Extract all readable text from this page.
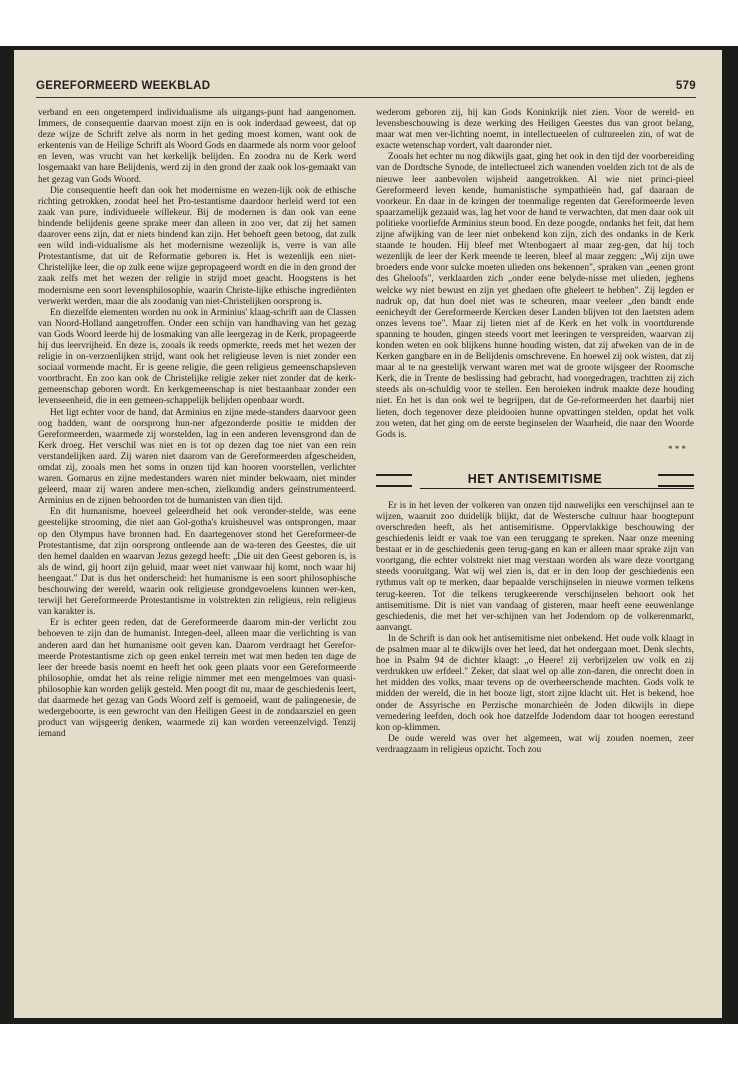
GEREFORMEERD WEEKBLAD	579

verband en een ongetemperd individualisme als uitgangs-punt had aangenomen. Immers, de consequentie daarvan moest zijn en is ook inderdaad geweest, dat op deze wijze de Schrift zelve als norm in het geding moest komen, want ook de erkentenis van de Heilige Schrift als Woord Gods en daarmede als norm voor geloof en leven, was vrucht van het kerkelijk belijden. En zoodra nu de Kerk werd losgemaakt van hare Belijdenis, werd zij in den grond der zaak ook los-gemaakt van het gezag van Gods Woord.

Die consequentie heeft dan ook het modernisme en wezen-lijk ook de ethische richting getrokken, zoodat heel het Pro-testantisme daardoor herleid werd tot een zaak van pure, individueele willekeur. Bij de modernen is dan ook van eene bindende belijdenis geene sprake meer dan alleen in zoo ver, dat zij het samen daarover eens zijn, dat er niets bindend kan zijn. Het behoeft geen betoog, dat zulk een wild indi-vidualisme als het modernisme wezenlijk is, verre is van alle Protestantisme, dat uit de Reformatie geboren is. Het is wezenlijk een niet-Christelijke leer, die op zulk eene wijze gepropageerd wordt en die in den grond der zaak zelfs met het wezen der religie in strijd moet geacht. Hoogstens is het modernisme een soort levensphilosophie, waarin Christe-lijke ethische ingrediënten verwerkt werden, maar die als zoodanig van niet-Christelijken oorsprong is.

En diezelfde elementen worden nu ook in Arminius' klaag-schrift aan de Classen van Noord-Holland aangetroffen. Onder een schijn van handhaving van het gezag van Gods Woord leerde hij de losmaking van alle leergezag in de Kerk, propageerde hij dus leervrijheid. En deze is, zooals ik reeds opmerkte, reeds met het wezen der religie in on-verzoenlijken strijd, want ook het religieuse leven is niet zonder een sociaal vormende macht. Er is geene religie, die geen religieus gemeenschapsleven voortbracht. En zoo kan ook de Christelijke religie zeker niet zonder dat de kerk-gemeenschap geboren wordt. En kerkgemeenschap is niet bestaanbaar zonder een levenseenheid, die in een gemeen-schappelijk belijden openbaar wordt.

Het ligt echter voor de hand, dat Arminius en zijne mede-standers daarvoor geen oog hadden, want de oorsprong hun-ner afgezonderde positie te midden der Gereformeerden, waarmede zij worstelden, lag in een anderen levensgrond dan de Kerk droeg. Het verschil was niet en is tot op dezen dag toe niet van een rein verstandelijken aard. Zij waren niet daarom van de Gereformeerden afgescheiden, omdat zij, zooals men het soms in onzen tijd kan hooren voorstellen, verlichter waren. Gomarus en zijne medestanders waren niet minder bekwaam, niet minder geleerd, maar zij waren andere men-schen, zielkundig anders geïnstrumenteerd. Arminius en de zijnen behoorden tot de humanisten van dien tijd.

En dit humanisme, hoeveel geleerdheid het ook veronder-stelde, was eene geestelijke strooming, die niet aan Gol-gotha's kruisheuvel was ontsprongen, maar op den Olympus have bronnen had. En daartegenover stond het Gereformeer-de Protestantisme, dat zijn oorsprong ontleende aan de wa-teren des Geestes, die uit den hemel daalden en waarvan Jezus gezegd heeft: „Die uit den Geest geboren is, is als de wind, gij hoort zijn geluid, maar weet niet vanwaar hij komt, noch waar hij heengaat." Dat is dus het onderscheid: het humanisme is een soort philosophische beschouwing der wereld, waarin ook religieuse grondgevoelens kunnen wer-ken, terwijl het Gereformeerde Protestantisme in volstrekten zin religieus, rein religieus van karakter is.

Er is echter geen reden, dat de Gereformeerde daarom min-der verlicht zou behoeven te zijn dan de humanist. Integen-deel, alleen maar die verlichting is van anderen aard dan het humanisme ooit geven kan. Daarom verdraagt het Gerefor-meerde Protestantisme zich op geen enkel terrein met wat men heden ten dage de leer der breede basis noemt en heeft het ook geen plaats voor een Gereformeerde philosophie, omdat het als reine religie nimmer met een mengelmoes van quasi-philosophie kan worden gelijk gesteld. Men poogt dit nu, maar de geschiedenis leert, dat daarmede het gezag van Gods Woord zelf is gemoeid, want de palingenesie, de wedergeboorte, is een gewrocht van den Heiligen Geest in de zondaarsziel en geen product van wijsgeerig denken, waarmede zij kan worden vereenzelvigd. Tenzij iemand

wederom geboren zij, hij kan Gods Koninkrijk niet zien. Voor de wereld- en levensbeschouwing is deze werking des Heiligen Geestes dus van groot belang, maar wat men ver-lichting noemt, in intellectueelen of cultureelen zin, of wat de exacte wetenschap vordert, valt daaronder niet.

Zooals het echter nu nog dikwijls gaat, ging het ook in den tijd der voorbereiding van de Dordtsche Synode, de intellectueel zich wanenden voelden zich tot de als de nieuwe leer aanbevolen wijsheid aangetrokken. Al wie niet princi-pieel Gereformeerd leven kende, humanistische sympathieën had, gaf daaraan de voorkeur. En daar in de kringen der toenmalige regenten dat Gereformeerde leven spaarzamelijk gezaaid was, lag het voor de hand te verwachten, dat men daar ook uit politieke voorliefde Arminius steun bood. En deze poogde, ondanks het feit, dat hem zijne afwijking van de leer niet onbekend kon zijn, zich des ondanks in de Kerk staande te houden. Hij bleef met Wtenbogaert al maar zeg-gen, dat hij toch wezenlijk de leer der Kerk meende te leeren, bleef al maar zeggen: „Wij zijn uwe broeders ende voor sulcke moeten ulieden ons bekennen", spraken van „eenen gront des Gheloofs", verklaarden zich „onder eene belyde-nisse met ulieden, jeghens welcke wy niet bewust en zijn yet ghedaen ofte gheleert te hebben". Zij legden er nadruk op, dat hun doel niet was te scheuren, maar veeleer „den bandt ende eenicheydt der Gereformeerde Kercken deser Landen blijven tot den laetsten adem onzes levens toe". Maar zij lieten niet af de Kerk en het volk in voortdurende spanning te houden, gingen steeds voort met leeringen te verspreiden, waarvan zij konden weten en ook blijkens hunne houding wisten, dat zij afweken van de in de Kerken gangbare en in de Belijdenis omschrevene. En hoewel zij ook wisten, dat zij maar al te na geestelijk verwant waren met wat de groote wijsgeer der Roomsche Kerk, die in Trente de beslissing had gebracht, had voorgedragen, trachtten zij zich steeds als on-schuldig voor te stellen. Een heroieken indruk maakte deze houding niet. En het is dan ook wel te begrijpen, dat de Ge-reformeerden het daarbij niet lieten, doch tegenover deze pleidooien hunne opvattingen stelden, opdat het volk zou weten, dat het ging om de eerste beginselen der Waarheid, die naar den Woorde Gods is.

* * *
HET ANTISEMITISME

Er is in het leven der volkeren van onzen tijd nauwelijks een verschijnsel aan te wijzen, waaruit zoo duidelijk blijkt, dat de Westersche cultuur haar hoogtepunt overschreden heeft, als het antisemitisme. Oppervlakkige beschouwing der geschiedenis leidt er vaak toe van een teruggang te spreken. Naar onze meening bestaat er in de geschiedenis geen terug-gang en kan er alleen maar sprake zijn van voortgang, die echter volstrekt niet mag verstaan worden als ware deze voortgang steeds vooruitgang. Wat wij wel zien is, dat er in den loop der geschiedenis een rythmus valt op te merken, daar bepaalde verschijnselen in nieuwe vormen telkens terug-keeren. Tot die telkens terugkeerende verschijnselen behoort ook het antisemitisme. Dit is niet van vandaag of gisteren, maar heeft eene eeuwenlange geschiedenis, die met het ver-schijnen van het Jodendom op de volkerenmarkt, aanvangt.

In de Schrift is dan ook het antisemitisme niet onbekend. Het oude volk klaagt in de psalmen maar al te dikwijls over het leed, dat het ondergaan moet. Denk slechts, hoe in Psalm 94 de dichter klaagt: „o Heere! zij verbrijzelen uw volk en zij verdrukken uw erfdeel." Zeker, dat slaat wel op alle zon-daren, die onrecht doen in het midden des volks, maar tevens op de overheerschende machten. Gods volk te midden der wereld, die in het booze ligt, stort zijne klacht uit. Het is bekend, hoe onder de Assyrische en Perzische monarchieën de Joden dikwijls in diepe vernedering leefden, doch ook hoe datzelfde Jodendom daar tot hoogen eerestand kon op-klimmen.

De oude wereld was over het algemeen, wat wij zouden noemen, zeer verdraagzaam in religieus opzicht. Toch zou
